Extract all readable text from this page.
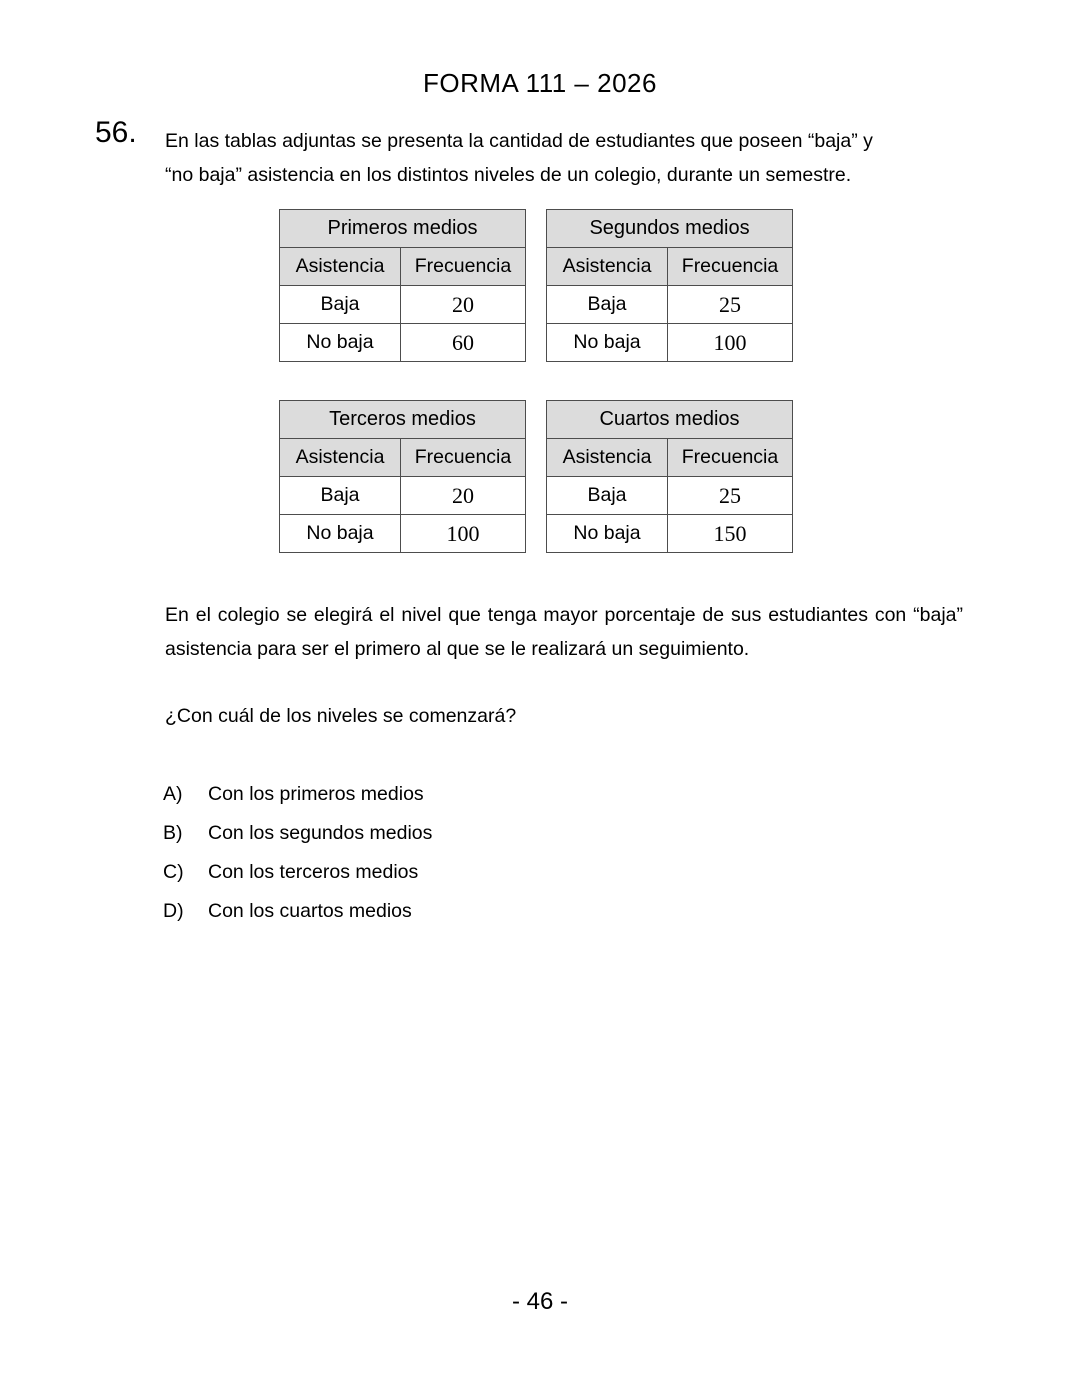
FORMA 111 – 2026
56. En las tablas adjuntas se presenta la cantidad de estudiantes que poseen “baja” y
“no baja” asistencia en los distintos niveles de un colegio, durante un semestre.
Primeros medios	
Asistencia	Frecuencia
Baja	20
No baja	60
Segundos medios	
Asistencia	Frecuencia
Baja	25
No baja	100
Terceros medios	
Asistencia	Frecuencia
Baja	20
No baja	100
Cuartos medios	
Asistencia	Frecuencia
Baja	25
No baja	150
En el colegio se elegirá el nivel que tenga mayor porcentaje de sus estudiantes con “baja” asistencia para ser el primero al que se le realizará un seguimiento.
¿Con cuál de los niveles se comenzará?
A)	Con los primeros medios
B)	Con los segundos medios
C)	Con los terceros medios
D)	Con los cuartos medios
- 46 -
